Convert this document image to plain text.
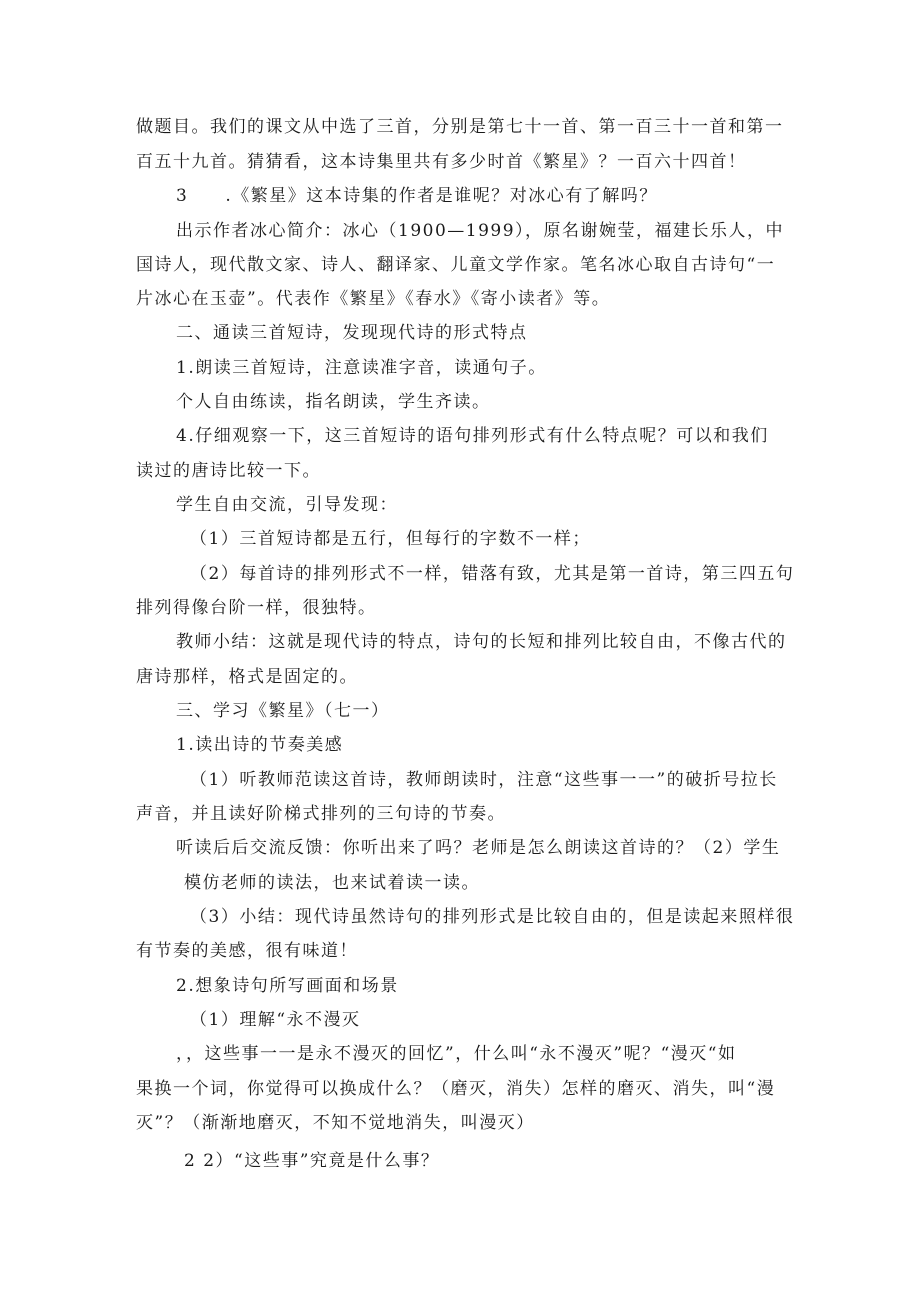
做题目。我们的课文从中选了三首，分别是第七十一首、第一百三十一首和第一
百五十九首。猜猜看，这本诗集里共有多少时首《繁星》？一百六十四首！
3　　.《繁星》这本诗集的作者是谁呢？对冰心有了解吗？
出示作者冰心简介：冰心（1900—1999），原名谢婉莹，福建长乐人，中
国诗人，现代散文家、诗人、翻译家、儿童文学作家。笔名冰心取自古诗句“一
片冰心在玉壶”。代表作《繁星》《春水》《寄小读者》等。
二、通读三首短诗，发现现代诗的形式特点
1.朗读三首短诗，注意读准字音，读通句子。
个人自由练读，指名朗读，学生齐读。
4.仔细观察一下，这三首短诗的语句排列形式有什么特点呢？可以和我们
读过的唐诗比较一下。
学生自由交流，引导发现：
（1）三首短诗都是五行，但每行的字数不一样；
（2）每首诗的排列形式不一样，错落有致，尤其是第一首诗，第三四五句
排列得像台阶一样，很独特。
教师小结：这就是现代诗的特点，诗句的长短和排列比较自由，不像古代的
唐诗那样，格式是固定的。
三、学习《繁星》（七一）
1.读出诗的节奏美感
（1）听教师范读这首诗，教师朗读时，注意“这些事一一”的破折号拉长
声音，并且读好阶梯式排列的三句诗的节奏。
听读后后交流反馈：你听出来了吗？老师是怎么朗读这首诗的？（2）学生
模仿老师的读法，也来试着读一读。
（3）小结：现代诗虽然诗句的排列形式是比较自由的，但是读起来照样很
有节奏的美感，很有味道！
2.想象诗句所写画面和场景
（1）理解“永不漫灭
，，这些事一一是永不漫灭的回忆”，什么叫“永不漫灭”呢？“漫灭“如
果换一个词，你觉得可以换成什么？（磨灭，消失）怎样的磨灭、消失，叫“漫
灭”？（渐渐地磨灭，不知不觉地消失，叫漫灭）
2 2）“这些事”究竟是什么事？
